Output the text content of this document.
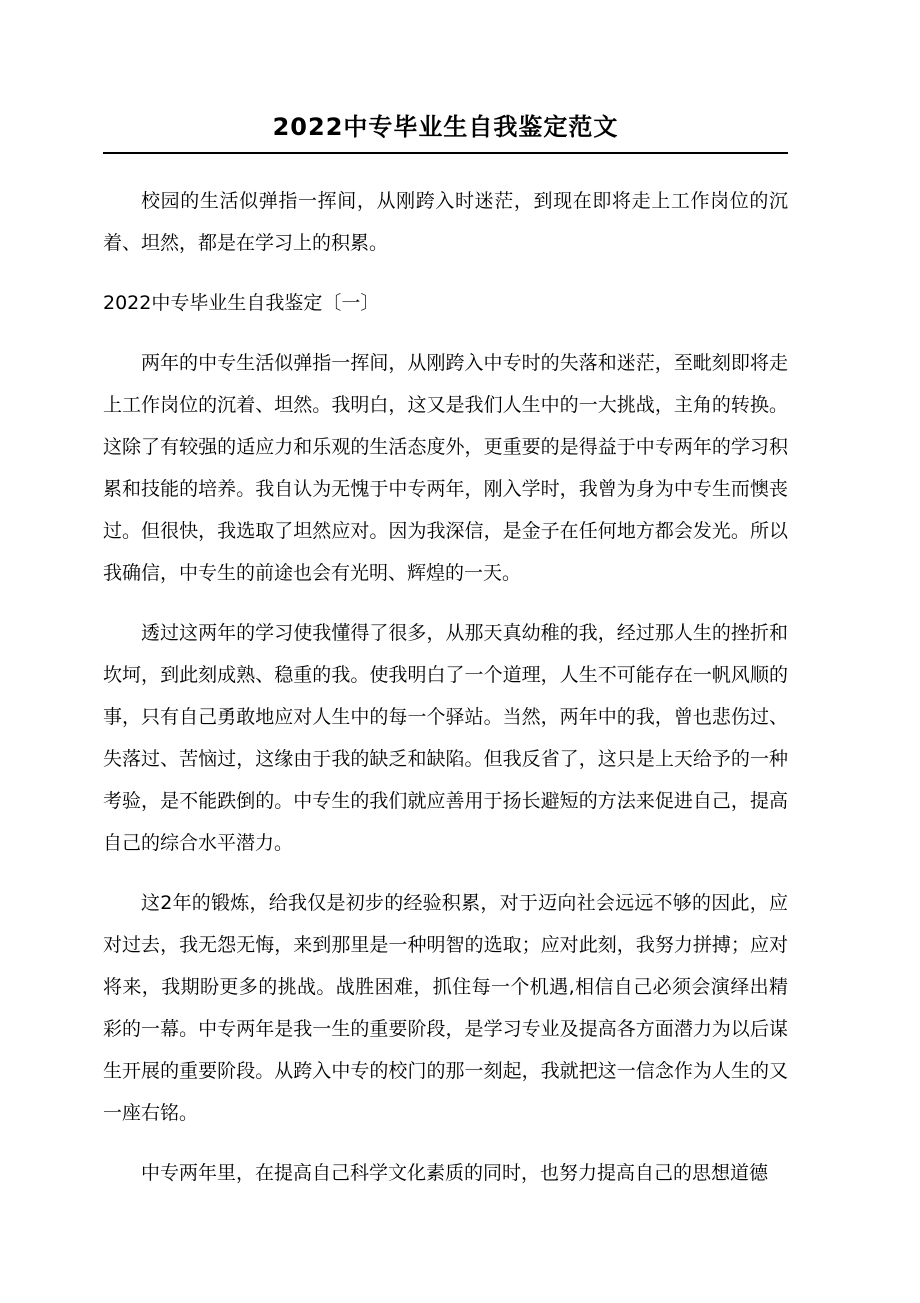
2022中专毕业生自我鉴定范文

校园的生活似弹指一挥间，从刚跨入时迷茫，到现在即将走上工作岗位的沉着、坦然，都是在学习上的积累。

2022中专毕业生自我鉴定〔一〕

两年的中专生活似弹指一挥间，从刚跨入中专时的失落和迷茫，至毗刻即将走上工作岗位的沉着、坦然。我明白，这又是我们人生中的一大挑战，主角的转换。这除了有较强的适应力和乐观的生活态度外，更重要的是得益于中专两年的学习积累和技能的培养。我自认为无愧于中专两年，刚入学时，我曾为身为中专生而懊丧过。但很快，我选取了坦然应对。因为我深信，是金子在任何地方都会发光。所以我确信，中专生的前途也会有光明、辉煌的一天。

透过这两年的学习使我懂得了很多，从那天真幼稚的我，经过那人生的挫折和坎坷，到此刻成熟、稳重的我。使我明白了一个道理，人生不可能存在一帆风顺的事，只有自己勇敢地应对人生中的每一个驿站。当然，两年中的我，曾也悲伤过、失落过、苦恼过，这缘由于我的缺乏和缺陷。但我反省了，这只是上天给予的一种考验，是不能跌倒的。中专生的我们就应善用于扬长避短的方法来促进自己，提高自己的综合水平潜力。

这2年的锻炼，给我仅是初步的经验积累，对于迈向社会远远不够的因此，应对过去，我无怨无悔，来到那里是一种明智的选取；应对此刻，我努力拼搏；应对将来，我期盼更多的挑战。战胜困难，抓住每一个机遇,相信自己必须会演绎出精彩的一幕。中专两年是我一生的重要阶段，是学习专业及提高各方面潜力为以后谋生开展的重要阶段。从跨入中专的校门的那一刻起，我就把这一信念作为人生的又一座右铭。

中专两年里，在提高自己科学文化素质的同时，也努力提高自己的思想道德
